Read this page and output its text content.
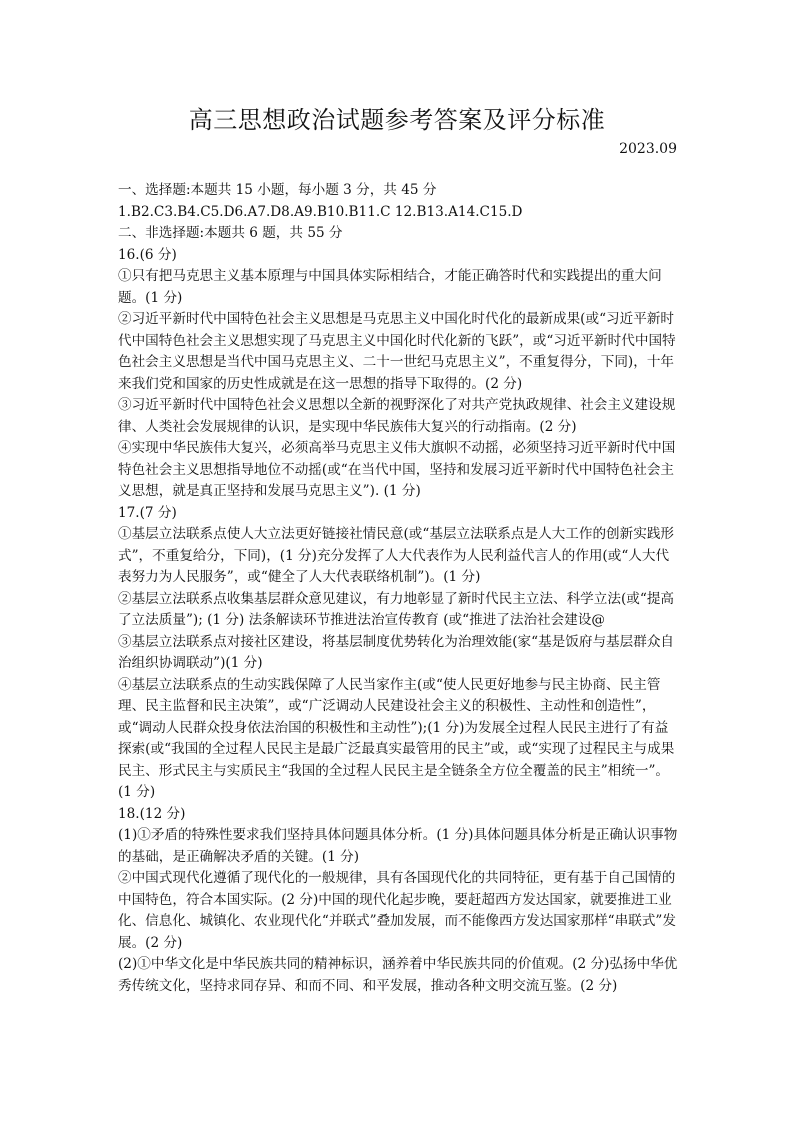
高三思想政治试题参考答案及评分标准
2023.09

一、选择题:本题共 15 小题，每小题 3 分，共 45 分

1.B2.C3.B4.C5.D6.A7.D8.A9.B10.B11.C 12.B13.A14.C15.D

二、非选择题:本题共 6 题，共 55 分

16.(6 分)

①只有把马克思主义基本原理与中国具体实际相结合，才能正确答时代和实践提出的重大问题。(1 分)

②习近平新时代中国特色社会主义思想是马克思主义中国化时代化的最新成果(或“习近平新时代中国特色社会主义思想实现了马克思主义中国化时代化新的飞跃”，或“习近平新时代中国特色社会主义思想是当代中国马克思主义、二十一世纪马克思主义”，不重复得分，下同)，十年来我们党和国家的历史性成就是在这一思想的指导下取得的。(2 分)

③习近平新时代中国特色社会义思想以全新的视野深化了对共产党执政规律、社会主义建设规律、人类社会发展规律的认识，是实现中华民族伟大复兴的行动指南。(2 分)

④实现中华民族伟大复兴，必须高举马克思主义伟大旗帜不动摇，必须坚持习近平新时代中国特色社会主义思想指导地位不动摇(或“在当代中国，坚持和发展习近平新时代中国特色社会主义思想，就是真正坚持和发展马克思主义”). (1 分)

17.(7 分)

①基层立法联系点使人大立法更好链接社情民意(或“基层立法联系点是人大工作的创新实践形式”，不重复给分，下同)，(1 分)充分发挥了人大代表作为人民利益代言人的作用(或“人大代表努力为人民服务”，或“健全了人大代表联络机制”)。(1 分)

②基层立法联系点收集基层群众意见建议，有力地彰显了新时代民主立法、科学立法(或“提高了立法质量”); (1 分) 法条解读环节推进法治宣传教育 (或“推进了法治社会建设@

③基层立法联系点对接社区建设，将基层制度优势转化为治理效能(家“基是饭府与基层群众自治组织协调联动”)(1 分)

④基层立法联系点的生动实践保障了人民当家作主(或“使人民更好地参与民主协商、民主管理、民主监督和民主决策”，或“广泛调动人民建设社会主义的积极性、主动性和创造性”，或“调动人民群众投身依法治国的积极性和主动性”);(1 分)为发展全过程人民民主进行了有益探索(或“我国的全过程人民民主是最广泛最真实最管用的民主”或，或“实现了过程民主与成果民主、形式民主与实质民主“我国的全过程人民民主是全链条全方位全覆盖的民主”相统一”。(1 分)

18.(12 分)

(1)①矛盾的特殊性要求我们坚持具体问题具体分析。(1 分)具体问题具体分析是正确认识事物的基础，是正确解决矛盾的关键。(1 分)

②中国式现代化遵循了现代化的一般规律，具有各国现代化的共同特征，更有基于自己国情的中国特色，符合本国实际。(2 分)中国的现代化起步晚，要赶超西方发达国家，就要推进工业化、信息化、城镇化、农业现代化“并联式”叠加发展，而不能像西方发达国家那样“串联式”发展。(2 分)

(2)①中华文化是中华民族共同的精神标识，涵养着中华民族共同的价值观。(2 分)弘扬中华优秀传统文化，坚持求同存异、和而不同、和平发展，推动各种文明交流互鉴。(2 分)
